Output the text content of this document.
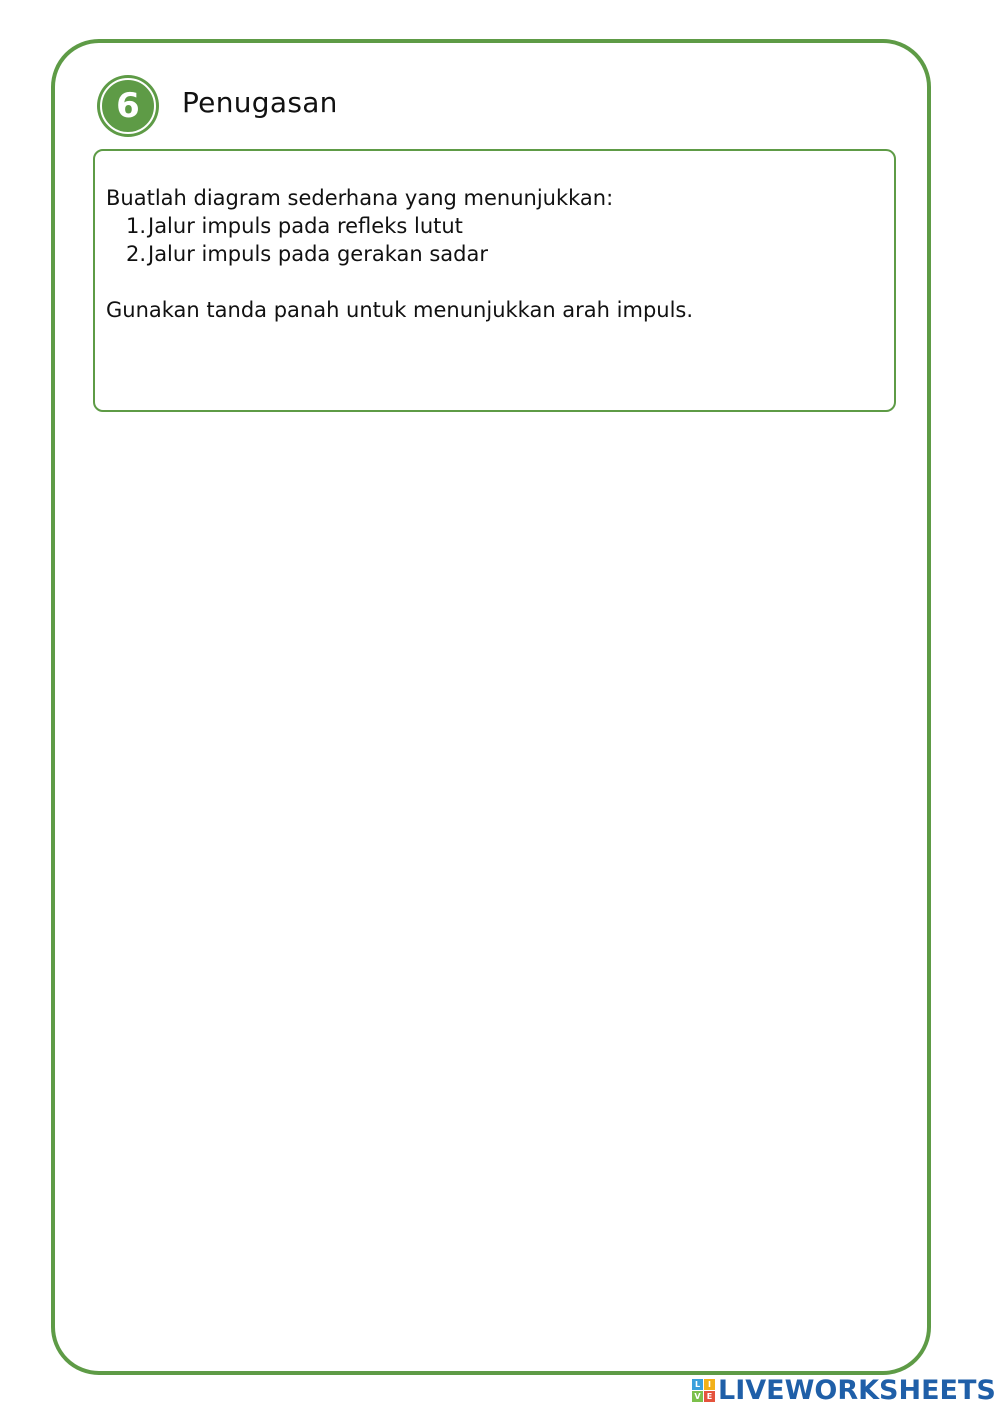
6	Penugasan
Buatlah diagram sederhana yang menunjukkan:
1. Jalur impuls pada refleks lutut
2. Jalur impuls pada gerakan sadar
Gunakan tanda panah untuk menunjukkan arah impuls.
L I
V E LIVEWORKSHEETS
